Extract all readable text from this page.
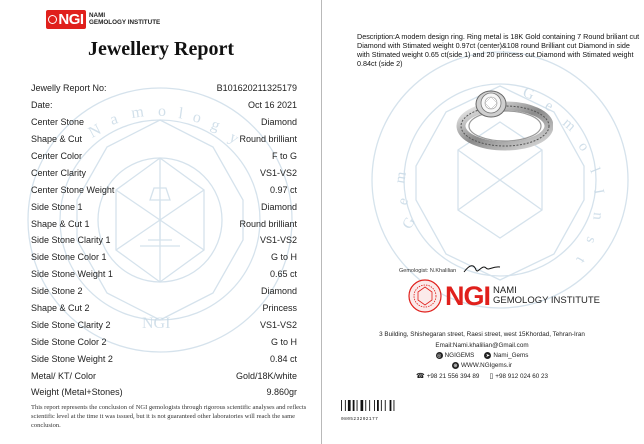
NGI
N
a m o l o g
y
NGI NAMI
GEMOLOGY INSTITUTE
Jewellery Report
Jewelly Report No:	B101620211325179
Date:	Oct 16 2021
Center Stone	Diamond
Shape & Cut	Round brilliant
Center Color	F to G
Center Clarity	VS1-VS2
Center Stone Weight	0.97 ct
Side Stone 1	Diamond
Shape & Cut 1	Round brilliant
Side Stone Clarity 1	VS1-VS2
Side Stone Color 1	G to H
Side Stone Weight 1	0.65 ct
Side Stone 2	Diamond
Shape & Cut 2	Princess
Side Stone Clarity 2	VS1-VS2
Side Stone Color 2	G to H
Side Stone Weight 2	0.84 ct
Metal/ KT/ Color	Gold/18K/white
Weight (Metal+Stones)	9.860gr
This report represents the conclusion of NGI gemologists through rigorous scientific analyses and reflects scientific level at the time it was issued, but it is not guaranteed other laboratories will reach the same conclusion.
G
e
m
o
l
I
n
s
t
G
e
m
Description:A modern design ring. Ring metal is 18K Gold containing 7 Round briliant cut Diamond with Stimated weight 0.97ct (center)&108 round Brilliant cut Diamond in side with Stimated weight 0.65 ct(side 1) and 20 princess cut Diamond with Stimated weight 0.84ct (side 2)
Gemologist: N.Khalilian
NGI NAMI
GEMOLOGY INSTITUTE
3 Building, Shishegaran street, Raesi street, west 15Khordad, Tehran-Iran
Email:Nami.khalilian@Gmail.com
◎ NGIGEMS ➤ Nami_Gems
⊕ WWW.NGIgems.ir
☎ +98 21 556 394 89 ▯ +98 912 024 60 23
080523202177
